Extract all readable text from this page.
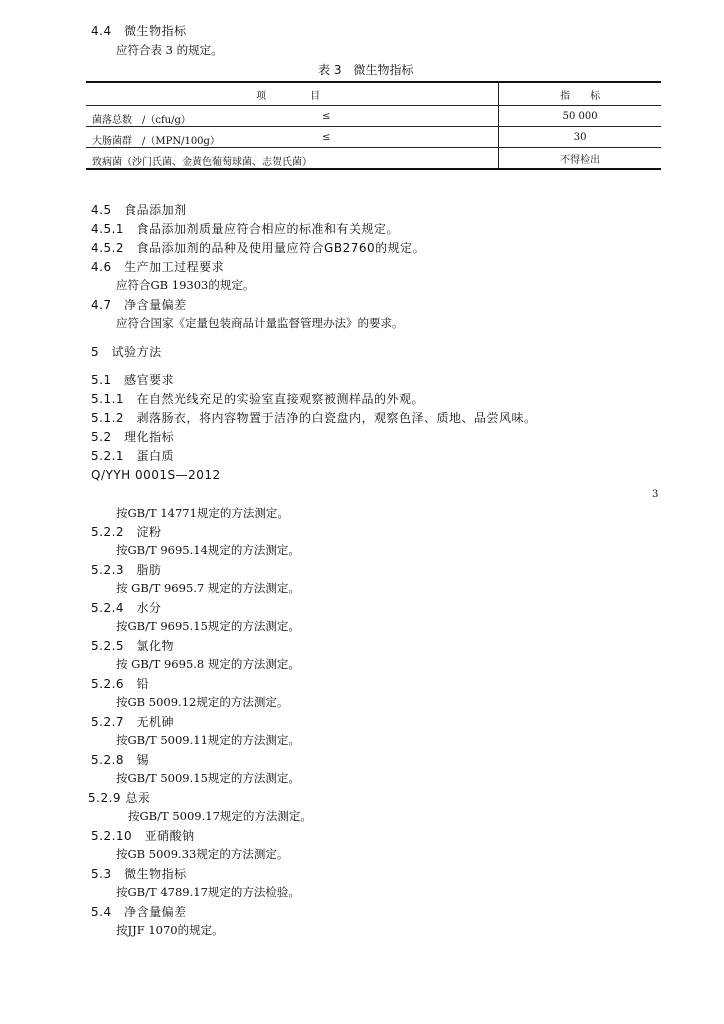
4.4　微生物指标
应符合表 3 的规定。
表 3　微生物指标
项　　目	指　　标

菌落总数　/（cfu/g） ≤	50 000

大肠菌群　/（MPN/100g） ≤	30

致病菌（沙门氏菌、金黄色葡萄球菌、志贺氏菌）	不得检出
4.5　食品添加剂
4.5.1　食品添加剂质量应符合相应的标准和有关规定。
4.5.2　食品添加剂的品种及使用量应符合GB2760的规定。
4.6　生产加工过程要求
应符合GB 19303的规定。
4.7　净含量偏差
应符合国家《定量包装商品计量监督管理办法》的要求。
5　试验方法
5.1　感官要求
5.1.1　在自然光线充足的实验室直接观察被测样品的外观。
5.1.2　剥落肠衣，将内容物置于洁净的白瓷盘内，观察色泽、质地、品尝风味。
5.2　理化指标
5.2.1　蛋白质
Q/YYH 0001S—2012
3
按GB/T 14771规定的方法测定。
5.2.2　淀粉
按GB/T 9695.14规定的方法测定。
5.2.3　脂肪
按 GB/T 9695.7 规定的方法测定。
5.2.4　水分
按GB/T 9695.15规定的方法测定。
5.2.5　氯化物
按 GB/T 9695.8 规定的方法测定。
5.2.6　铅
按GB 5009.12规定的方法测定。
5.2.7　无机砷
按GB/T 5009.11规定的方法测定。
5.2.8　锡
按GB/T 5009.15规定的方法测定。
5.2.9 总汞
按GB/T 5009.17规定的方法测定。
5.2.10　亚硝酸钠
按GB 5009.33规定的方法测定。
5.3　微生物指标
按GB/T 4789.17规定的方法检验。
5.4　净含量偏差
按JJF 1070的规定。
